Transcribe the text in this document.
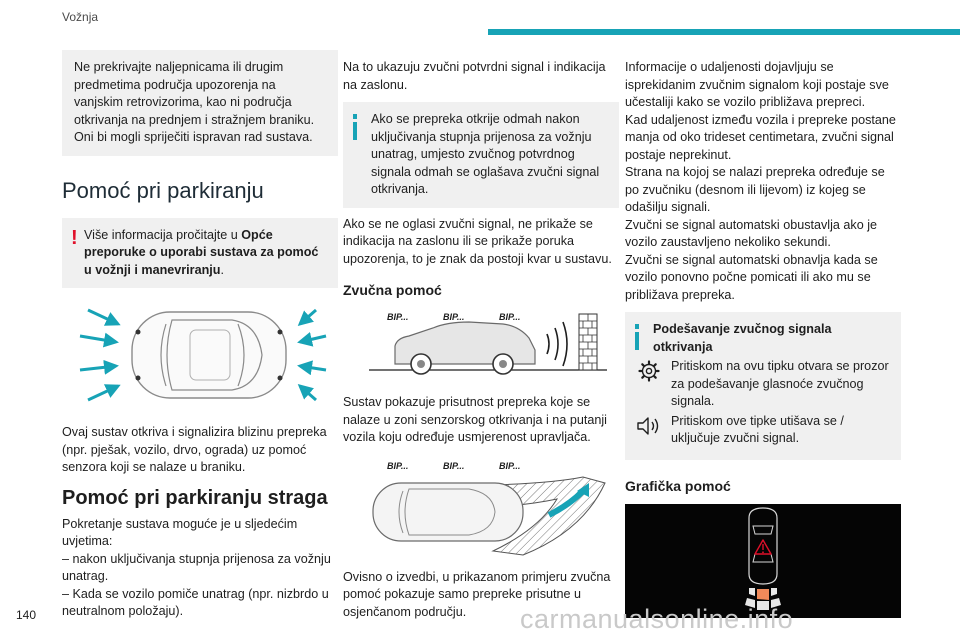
Vožnja
Ne prekrivajte naljepnicama ili drugim predmetima područja upozorenja na vanjskim retrovizorima, kao ni područja otkrivanja na prednjem i stražnjem braniku. Oni bi mogli spriječiti ispravan rad sustava.
Pomoć pri parkiranju
! Više informacija pročitajte u Opće preporuke o uporabi sustava za pomoć u vožnji i manevriranju.

Ovaj sustav otkriva i signalizira blizinu prepreka (npr. pješak, vozilo, drvo, ograda) uz pomoć senzora koji se nalaze u braniku.

Pomoć pri parkiranju straga

Pokretanje sustava moguće je u sljedećim uvjetima:

– nakon uključivanja stupnja prijenosa za vožnju unatrag.

– Kada se vozilo pomiče unatrag (npr. nizbrdo u neutralnom položaju).

Na to ukazuju zvučni potvrdni signal i indikacija na zaslonu.

Ako se prepreka otkrije odmah nakon uključivanja stupnja prijenosa za vožnju unatrag, umjesto zvučnog potvrdnog signala odmah se oglašava zvučni signal otkrivanja.

Ako se ne oglasi zvučni signal, ne prikaže se indikacija na zaslonu ili se prikaže poruka upozorenja, to je znak da postoji kvar u sustavu.

Zvučna pomoć
BIP...	BIP...	BIP...

Sustav pokazuje prisutnost prepreka koje se nalaze u zoni senzorskog otkrivanja i na putanji vozila koju određuje usmjerenost upravljača.

BIP...	BIP...	BIP...

Ovisno o izvedbi, u prikazanom primjeru zvučna pomoć pokazuje samo prepreke prisutne u osjenčanom području.

Informacije o udaljenosti dojavljuju se isprekidanim zvučnim signalom koji postaje sve učestaliji kako se vozilo približava prepreci.

Kad udaljenost između vozila i prepreke postane manja od oko trideset centimetara, zvučni signal postaje neprekinut.

Strana na kojoj se nalazi prepreka određuje se po zvučniku (desnom ili lijevom) iz kojeg se odašilju signali.

Zvučni se signal automatski obustavlja ako je vozilo zaustavljeno nekoliko sekundi.

Zvučni se signal automatski obnavlja kada se vozilo ponovno počne pomicati ili ako mu se približava prepreka.

Podešavanje zvučnog signala otkrivanja
Pritiskom na ovu tipku otvara se prozor za podešavanje glasnoće zvučnog signala.
Pritiskom ove tipke utišava se / uključuje zvučni signal.
Grafička pomoć
140	carmanualsonline.info
